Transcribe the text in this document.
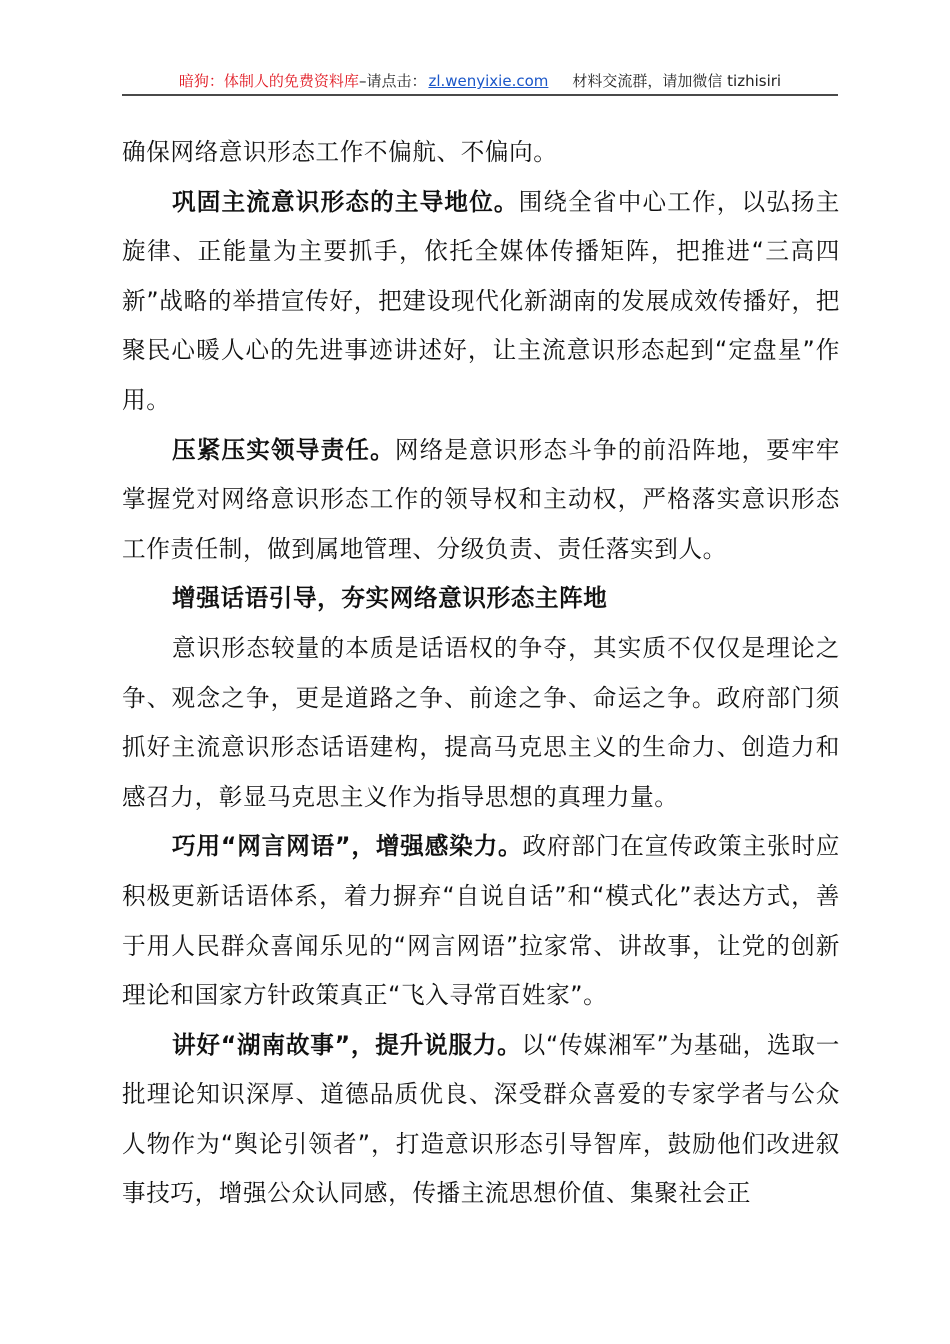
暗狗：体制人的免费资料库–请点击： zl.wenyixie.com 材料交流群，请加微信 tizhisiri

确保网络意识形态工作不偏航、不偏向。

巩固主流意识形态的主导地位。围绕全省中心工作，以弘扬主旋律、正能量为主要抓手，依托全媒体传播矩阵，把推进“三高四新”战略的举措宣传好，把建设现代化新湖南的发展成效传播好，把聚民心暖人心的先进事迹讲述好，让主流意识形态起到“定盘星”作用。

压紧压实领导责任。网络是意识形态斗争的前沿阵地，要牢牢掌握党对网络意识形态工作的领导权和主动权，严格落实意识形态工作责任制，做到属地管理、分级负责、责任落实到人。

增强话语引导，夯实网络意识形态主阵地

意识形态较量的本质是话语权的争夺，其实质不仅仅是理论之争、观念之争，更是道路之争、前途之争、命运之争。政府部门须抓好主流意识形态话语建构，提高马克思主义的生命力、创造力和感召力，彰显马克思主义作为指导思想的真理力量。

巧用“网言网语”，增强感染力。政府部门在宣传政策主张时应积极更新话语体系，着力摒弃“自说自话”和“模式化”表达方式，善于用人民群众喜闻乐见的“网言网语”拉家常、讲故事，让党的创新理论和国家方针政策真正“飞入寻常百姓家”。

讲好“湖南故事”，提升说服力。以“传媒湘军”为基础，选取一批理论知识深厚、道德品质优良、深受群众喜爱的专家学者与公众人物作为“舆论引领者”，打造意识形态引导智库，鼓励他们改进叙事技巧，增强公众认同感，传播主流思想价值、集聚社会正
